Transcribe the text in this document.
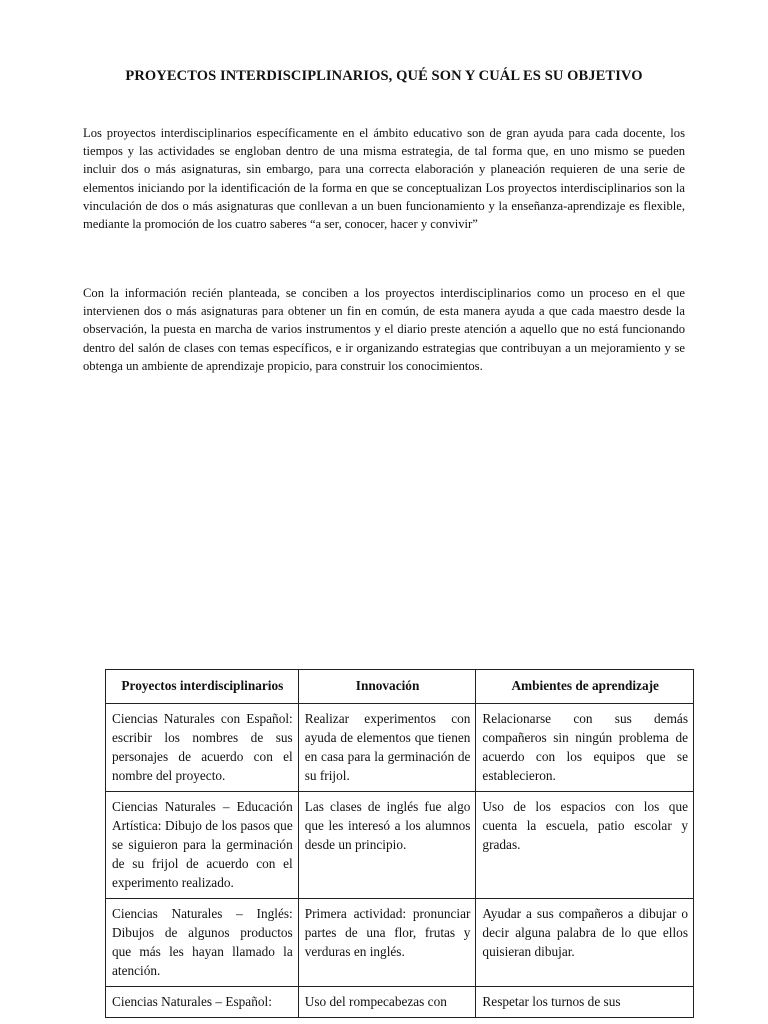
PROYECTOS INTERDISCIPLINARIOS, QUÉ SON Y CUÁL ES SU OBJETIVO

Los proyectos interdisciplinarios específicamente en el ámbito educativo son de gran ayuda para cada docente, los tiempos y las actividades se engloban dentro de una misma estrategia, de tal forma que, en uno mismo se pueden incluir dos o más asignaturas, sin embargo, para una correcta elaboración y planeación requieren de una serie de elementos iniciando por la identificación de la forma en que se conceptualizan Los proyectos interdisciplinarios son la vinculación de dos o más asignaturas que conllevan a un buen funcionamiento y la enseñanza-aprendizaje es flexible, mediante la promoción de los cuatro saberes “a ser, conocer, hacer y convivir”

Con la información recién planteada, se conciben a los proyectos interdisciplinarios como un proceso en el que intervienen dos o más asignaturas para obtener un fin en común, de esta manera ayuda a que cada maestro desde la observación, la puesta en marcha de varios instrumentos y el diario preste atención a aquello que no está funcionando dentro del salón de clases con temas específicos, e ir organizando estrategias que contribuyan a un mejoramiento y se obtenga un ambiente de aprendizaje propicio, para construir los conocimientos.

Proyectos interdisciplinarios	Innovación	Ambientes de aprendizaje
Ciencias Naturales con Español: escribir los nombres de sus personajes de acuerdo con el nombre del proyecto.	Realizar experimentos con ayuda de elementos que tienen en casa para la germinación de su frijol.	Relacionarse con sus demás compañeros sin ningún problema de acuerdo con los equipos que se establecieron.
Ciencias Naturales – Educación Artística: Dibujo de los pasos que se siguieron para la germinación de su frijol de acuerdo con el experimento realizado.	Las clases de inglés fue algo que les interesó a los alumnos desde un principio.	Uso de los espacios con los que cuenta la escuela, patio escolar y gradas.
Ciencias Naturales – Inglés: Dibujos de algunos productos que más les hayan llamado la atención.	Primera actividad: pronunciar partes de una flor, frutas y verduras en inglés.	Ayudar a sus compañeros a dibujar o decir alguna palabra de lo que ellos quisieran dibujar.
Ciencias Naturales – Español:	Uso del rompecabezas con	Respetar los turnos de sus
